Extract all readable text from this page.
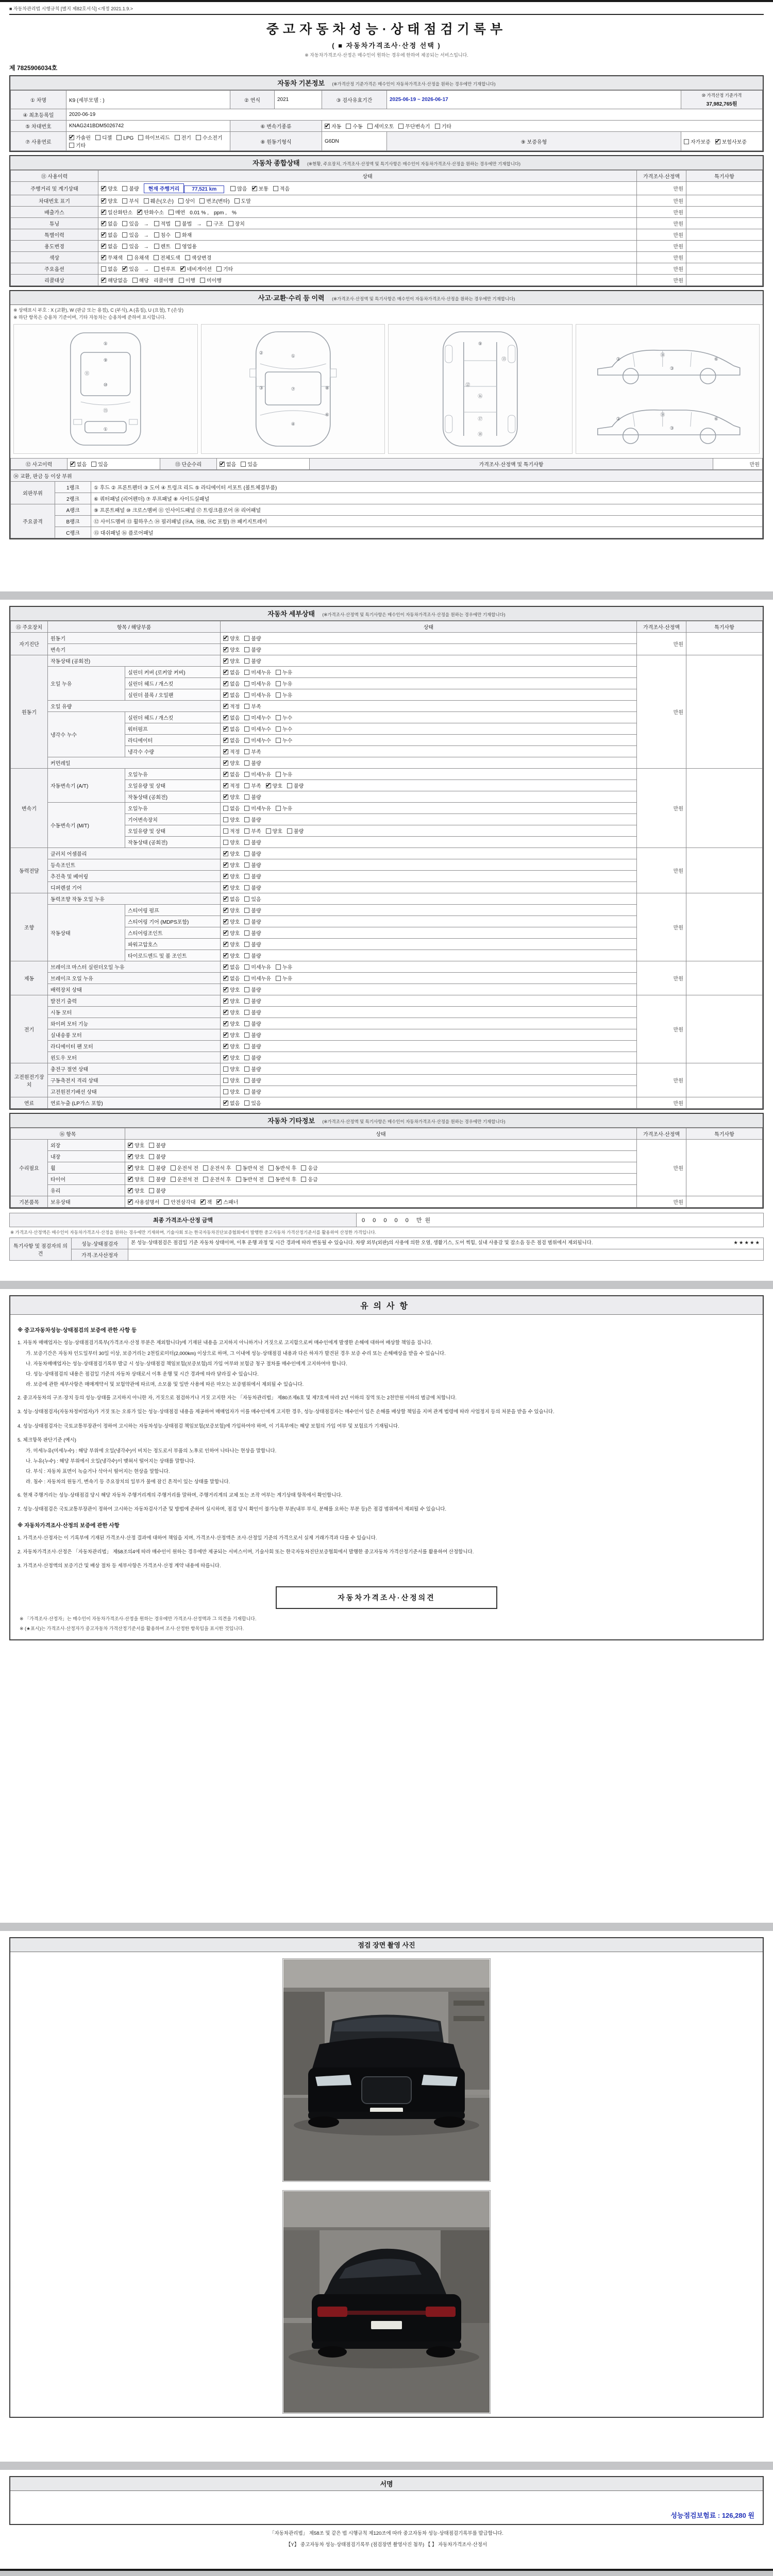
■ 자동차관리법 시행규칙 [별지 제82호서식] <개정 2021.1.9.>
중고자동차성능·상태점검기록부
( ■ 자동차가격조사·산정 선택 )
※ 자동차가격조사·산정은 매수인이 원하는 경우에 한하여 제공되는 서비스입니다.
제 7825906034호
자동차 기본정보 (※가격산정 기준가격은 매수인이 자동차가격조사·산정을 원하는 경우에만 기재합니다)
① 차명	K9 (세부모델 : )	② 연식	2021	③ 검사유효기간	2025-06-19 ~ 2026-06-17	⑩ 가격산정 기준가격
37,982,765원

④ 최초등록일	2020-06-19					
⑤ 차대번호	KNAG241BDM5026742	⑥ 변속기종류	✔자동 수동 세미오토 무단변속기 기타
⑦ 사용연료	✔가솔린 디젤 LPG 하이브리드 전기 수소전기기타	⑧ 원동기형식		G6DN	⑨ 보증유형	자가보증 ✔ 보험사보증
자동차 종합상태 (※현황, 주요장치, 가격조사·산정액 및 특기사항은 매수인이 자동차가격조사·산정을 원하는 경우에만 기재합니다)
⑪ 사용이력	상태	가격조사·산정액	특기사항
주행거리 및 계기상태	✔양호 불량 현재 주행거리 77,521 km 많음 ✔ 보통 적음	만원	
차대번호 표기	✔양호 부식 훼손(오손) 상이 변조(변타) 도말	만원	
배출가스	✔일산화탄소 ✔ 탄화수소 매연 0.01 % , ppm , %	만원	
튜닝	✔없음 있음 → 적법 불법 → 구조 장치	만원	
특별이력	✔없음 있음 → 침수 화재	만원	
용도변경	✔없음 있음 → 렌트 영업용	만원	
색상	✔무채색 유채색 전체도색 색상변경	만원	
주요옵션	없음 ✔ 있음 → 썬루프 ✔ 네비게이션 기타	만원	
리콜대상	✔해당없음 해당 리콜이행 이행 미이행	만원	
사고·교환·수리 등 이력 (※가격조사·산정액 및 특기사항은 매수인이 자동차가격조사·산정을 원하는 경우에만 기재합니다)
※ 상태표시 부호 : X (교환), W (판금 또는 용접), C (부식), A (흠집), U (요철), T (손상)
※ 하단 항목은 승용차 기준이며, 기타 자동차는 승용차에 준하여 표시합니다.
⑤
⑨
⑪
⑩
⑮
①
①
②
③	⑦	⑧
⑥
④
⑨
⑬
⑫
⑯
⑰
⑱
②
⑭
③
⑥
②
⑭
③
⑥
⑫ 사고이력	✔없음 있음	⑬ 단순수리	✔없음 있음	가격조사·산정액 및 특기사항	만원
⑭ 교환, 판금 등 이상 부위		
외판부위	1랭크	① 후드 ② 프론트펜더 ③ 도어 ④ 트렁크 리드 ⑤ 라디에이터 서포트 (볼트체결부품)
	2랭크	⑥ 쿼터패널 (리어펜더) ⑦ 루프패널 ⑧ 사이드실패널
주요골격	A랭크	⑨ 프론트패널 ⑩ 크로스멤버 ⑪ 인사이드패널 ⑰ 트렁크플로어 ⑱ 리어패널
	B랭크	⑫ 사이드멤버 ⑬ 휠하우스 ⑭ 필러패널 (⑭A, ⑭B, ⑭C 포함) ⑲ 패키지트레이
	C랭크	⑮ 대쉬패널 ⑯ 플로어패널
자동차 세부상태 (※가격조사·산정액 및 특기사항은 매수인이 자동차가격조사·산정을 원하는 경우에만 기재합니다)
⑮ 주요장치	항목 / 해당부품		상태	가격조사·산정액	특기사항
자기진단	원동기	✔양호 불량	만원	
	변속기	✔양호 불량
원동기	작동상태 (공회전)	✔양호 불량	만원	
	오일 누유	실린더 커버 (로커암 커버)	✔없음 미세누유 누유
		실린더 헤드 / 개스킷	✔없음 미세누유 누유
		실린더 블록 / 오일팬	✔없음 미세누유 누유
	오일 유량	✔적정 부족
	냉각수 누수	실린더 헤드 / 개스킷	✔없음 미세누수 누수
		워터펌프	✔없음 미세누수 누수
		라디에이터	✔없음 미세누수 누수
		냉각수 수량	✔적정 부족
	커먼레일	✔양호 불량
변속기	자동변속기 (A/T)	오일누유	✔없음 미세누유 누유	만원	
		오일유량 및 상태	✔적정 부족 ✔ 양호 불량
		작동상태 (공회전)	✔양호 불량
	수동변속기 (M/T)	오일누유	없음 미세누유 누유		
		기어변속장치	양호 불량		
		오일유량 및 상태	적정 부족 양호 불량		
		작동상태 (공회전)	양호 불량		
동력전달	클러치 어셈블리	✔양호 불량	만원	
	등속조인트	✔양호 불량
	추진축 및 베어링	✔양호 불량
	디퍼렌셜 기어	✔양호 불량
조향	동력조향 작동 오일 누유	✔없음 있음	만원	
	작동상태	스티어링 펌프	✔양호 불량
		스티어링 기어 (MDPS포함)	✔양호 불량
		스티어링조인트	✔양호 불량
		파워고압호스	✔양호 불량
		타이로드엔드 및 볼 조인트	✔양호 불량
제동	브레이크 마스터 실린더오일 누유	✔없음 미세누유 누유	만원	
	브레이크 오일 누유	✔없음 미세누유 누유
	배력장치 상태	✔양호 불량
전기	발전기 출력	✔양호 불량	만원	
	시동 모터	✔양호 불량
	와이퍼 모터 기능	✔양호 불량
	실내송풍 모터	✔양호 불량
	라디에이터 팬 모터	✔양호 불량
	윈도우 모터	✔양호 불량
고전원전기장치	충전구 절연 상태		양호 불량	만원	
	구동축전지 격리 상태		양호 불량		
	고전원전기배선 상태		양호 불량		
연료	연료누출 (LP가스 포함)	✔없음 있음	만원	
자동차 기타정보 (※가격조사·산정액 및 특기사항은 매수인이 자동차가격조사·산정을 원하는 경우에만 기재합니다)
⑯ 항목		상태	가격조사·산정액	특기사항
수리필요	외장	✔양호 불량	만원	
	내장	✔양호 불량
	휠	✔양호 불량 운전석 전 운전석 후 동반석 전 동반석 후 응급
	타이어	✔양호 불량 운전석 전 운전석 후 동반석 전 동반석 후 응급
	유리	✔양호 불량
기본품목	보유상태	✔사용설명서 안전삼각대 ✔ 잭 ✔ 스패너	만원	
최종 가격조사·산정 금액	0 0 0 0 0 만원
※ 가격조사·산정액은 매수인이 자동차가격조사·산정을 원하는 경우에만 기재하며, 기술사회 또는 한국자동차진단보증협회에서 발행한 중고자동차 가격산정기준서를 활용하여 산정한 가격입니다.
특기사항 및 점검자의 의견	성능·상태점검자	★★★★★
본 성능·상태점검은 점검일 기준 자동차 상태이며, 이후 운행 과정 및 시간 경과에 따라 변동될 수 있습니다. 차량 외부(외판)의 사용에 의한 오염, 생활기스, 도어 찍힘, 실내 사용감 및 잡소음 등은 점검 범위에서 제외됩니다.
	가격·조사산정자	
유의사항
※ 중고자동차성능·상태점검의 보증에 관한 사항 등
1. 자동차 매매업자는 성능·상태점검기록부(가격조사·산정 부분은 제외합니다)에 기재된 내용을 고지하지 아니하거나 거짓으로 고지함으로써 매수인에게 발생한 손해에 대하여 배상할 책임을 집니다.
가. 보증기간은 자동차 인도일부터 30일 이상, 보증거리는 2천킬로미터(2,000km) 이상으로 하며, 그 이내에 성능·상태점검 내용과 다른 하자가 발견된 경우 보증 수리 또는 손해배상을 받을 수 있습니다.
나. 자동차매매업자는 성능·상태점검기록부 발급 시 성능·상태점검 책임보험(보증보험)의 가입 여부와 보험금 청구 절차를 매수인에게 고지하여야 합니다.
다. 성능·상태점검의 내용은 점검일 기준의 자동차 상태로서 이후 운행 및 시간 경과에 따라 달라질 수 있습니다.
라. 보증에 관한 세부사항은 매매계약서 및 보험약관에 따르며, 소모품 및 일반 사용에 따른 마모는 보증범위에서 제외될 수 있습니다.
2. 중고자동차의 구조·장치 등의 성능·상태를 고지하지 아니한 자, 거짓으로 점검하거나 거짓 고지한 자는 「자동차관리법」 제80조제6호 및 제7호에 따라 2년 이하의 징역 또는 2천만원 이하의 벌금에 처합니다.
3. 성능·상태점검자(자동차정비업자)가 거짓 또는 오류가 있는 성능·상태점검 내용을 제공하여 매매업자가 이를 매수인에게 고지한 경우, 성능·상태점검자는 매수인이 입은 손해를 배상할 책임을 지며 관계 법령에 따라 사업정지 등의 처분을 받을 수 있습니다.
4. 성능·상태점검자는 국토교통부장관이 정하여 고시하는 자동차성능·상태점검 책임보험(보증보험)에 가입하여야 하며, 이 기록부에는 해당 보험의 가입 여부 및 보험료가 기재됩니다.
5. 체크항목 판단기준 (예시)
가. 미세누유(미세누수) : 해당 부위에 오일(냉각수)이 비치는 정도로서 부품의 노후로 인하여 나타나는 현상을 말합니다.
나. 누유(누수) : 해당 부위에서 오일(냉각수)이 맺혀서 떨어지는 상태를 말합니다.
다. 부식 : 자동차 표면이 녹슬거나 삭아서 떨어지는 현상을 말합니다.
라. 침수 : 자동차의 원동기, 변속기 등 주요장치의 일부가 물에 잠긴 흔적이 있는 상태를 말합니다.
6. 현재 주행거리는 성능·상태점검 당시 해당 자동차 주행거리계의 주행거리를 말하며, 주행거리계의 교체 또는 조작 여부는 계기상태 항목에서 확인합니다.
7. 성능·상태점검은 국토교통부장관이 정하여 고시하는 자동차검사기준 및 방법에 준하여 실시하며, 점검 당시 확인이 불가능한 부분(내부 부식, 분해를 요하는 부분 등)은 점검 범위에서 제외될 수 있습니다.
※ 자동차가격조사·산정의 보증에 관한 사항
1. 가격조사·산정자는 이 기록부에 기재된 가격조사·산정 결과에 대하여 책임을 지며, 가격조사·산정액은 조사·산정일 기준의 가격으로서 실제 거래가격과 다를 수 있습니다.
2. 자동차가격조사·산정은 「자동차관리법」 제58조의4에 따라 매수인이 원하는 경우에만 제공되는 서비스이며, 기술사회 또는 한국자동차진단보증협회에서 발행한 중고자동차 가격산정기준서를 활용하여 산정합니다.
3. 가격조사·산정액의 보증기간 및 배상 절차 등 세부사항은 가격조사·산정 계약 내용에 따릅니다.
자동차가격조사·산정의견
※ 「가격조사·산정자」는 매수인이 자동차가격조사·산정을 원하는 경우에만 가격조사·산정액과 그 의견을 기재합니다.
※ (★표시)는 가격조사·산정자가 중고자동차 가격산정기준서를 활용하여 조사·산정한 항목임을 표시한 것입니다.
점검 장면 촬영 사진
서명
성능점검보험료 : 126,280 원
「자동차관리법」 제58조 및 같은 법 시행규칙 제120조에 따라 중고자동차 성능·상태점검기록부를 발급합니다.
【Y】 중고자동차 성능·상태점검기록부 (점검장면 촬영사진 첨부) 【 】 자동차가격조사·산정서
